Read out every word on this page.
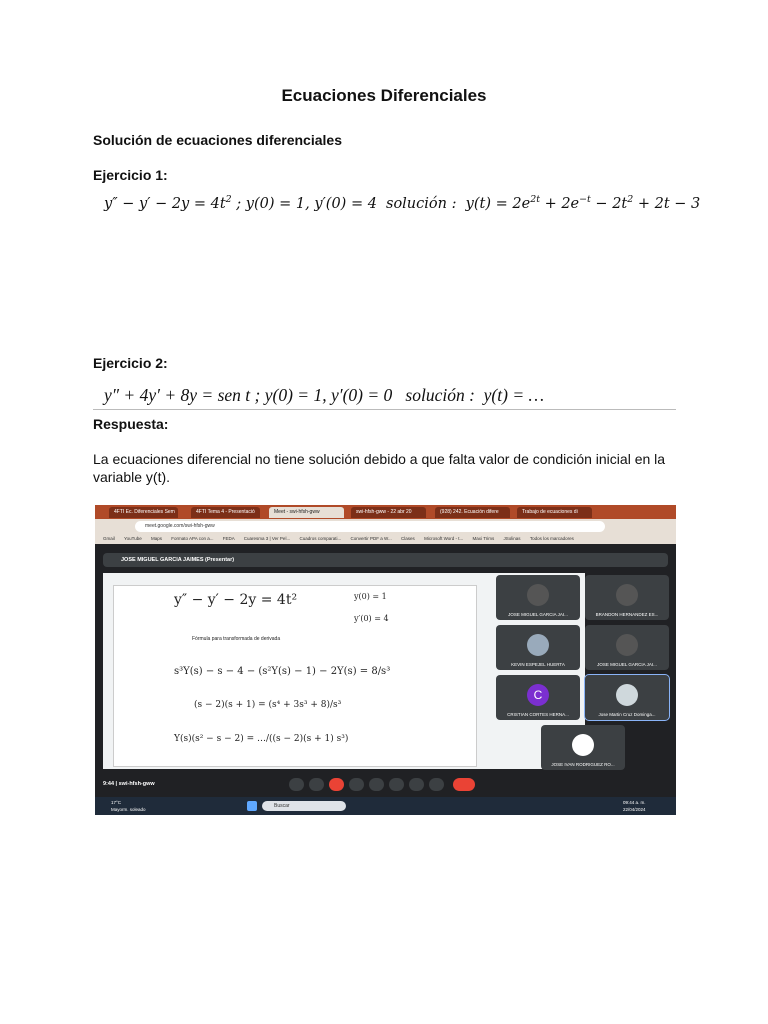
Ecuaciones Diferenciales
Solución de ecuaciones diferenciales
Ejercicio 1:
$y'' - y' - 2y = 4t^2$ ; y(0) = 1, y′(0) = 4 solución :  $y(t) = 2e^{2t} + 2e^{-t} - 2t^2 + 2t - 3$
Ejercicio 2:
y″ + 4y′ + 8y = sen t ; y(0) = 1, y′(0) = 0   solución :  y(t) = …
Respuesta:
La ecuaciones diferencial no tiene solución debido a que falta valor de condición inicial en la variable y(t).
4FTI Ec. Diferenciales Sem	4FTI Tema 4 - Presentació	Meet - swi-hfsh-gww	swi-hfsh-gww - 22 abr 20	(928) 242. Ecuación difere	Trabajo de ecuaciones di
meet.google.com/swi-hfsh-gww
Gmail YouTube Maps Formato APA con a... FEDA Cuaresma 3 | Ver Pel... Cuadros comparati... Convertir PDF a W... Clases Microsoft Word - t... Maxi Trims JSolinas Todos los marcadores
JOSE MIGUEL GARCIA JAIMES (Presentar)
y″ − y′ − 2y = 4t²	y(0) = 1
y′(0) = 4
Fórmula para transformada de derivada
s³Y(s) − s − 4 − (s²Y(s) − 1) − 2Y(s) = 8/s³
(s − 2)(s + 1) = (s⁴ + 3s³ + 8)/s³
Y(s)(s² − s − 2) = …/((s − 2)(s + 1) s³)
JOSE MIGUEL GARCIA JAI...	BRANDON HERNANDEZ ES...
KEVIN ESPEJEL HUERTA	JOSE MIGUEL GARCIA JAI...
C
CRISTIAN CORTES HERNA...	Jose Martin Cruz Dominga...
JOSE IVAN RODRIGUEZ RO...
9:44 | swi-hfsh-gww
17°C
Mayorm. soleado
Buscar
09:44 a. m.
22/04/2024
